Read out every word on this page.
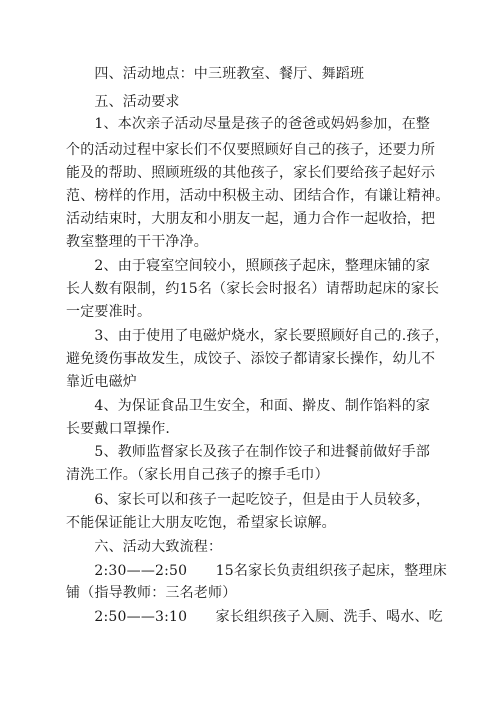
　　四、活动地点：中三班教室、餐厅、舞蹈班
　　五、活动要求
　　1、本次亲子活动尽量是孩子的爸爸或妈妈参加，在整
个的活动过程中家长们不仅要照顾好自己的孩子，还要力所
能及的帮助、照顾班级的其他孩子，家长们要给孩子起好示
范、榜样的作用，活动中积极主动、团结合作，有谦让精神。
活动结束时，大朋友和小朋友一起，通力合作一起收拾，把
教室整理的干干净净。
　　2、由于寝室空间较小，照顾孩子起床，整理床铺的家
长人数有限制，约15名（家长会时报名）请帮助起床的家长
一定要准时。
　　3、由于使用了电磁炉烧水，家长要照顾好自己的.孩子，
避免烫伤事故发生，成饺子、添饺子都请家长操作，幼儿不
靠近电磁炉
　　4、为保证食品卫生安全，和面、擀皮、制作馅料的家
长要戴口罩操作.
　　5、教师监督家长及孩子在制作饺子和进餐前做好手部
清洗工作。（家长用自己孩子的擦手毛巾）
　　6、家长可以和孩子一起吃饺子，但是由于人员较多，
不能保证能让大朋友吃饱，希望家长谅解。
　　六、活动大致流程：
　　2:30——2:50　　15名家长负责组织孩子起床，整理床
铺（指导教师：三名老师）
　　2:50——3:10　　家长组织孩子入厕、洗手、喝水、吃
